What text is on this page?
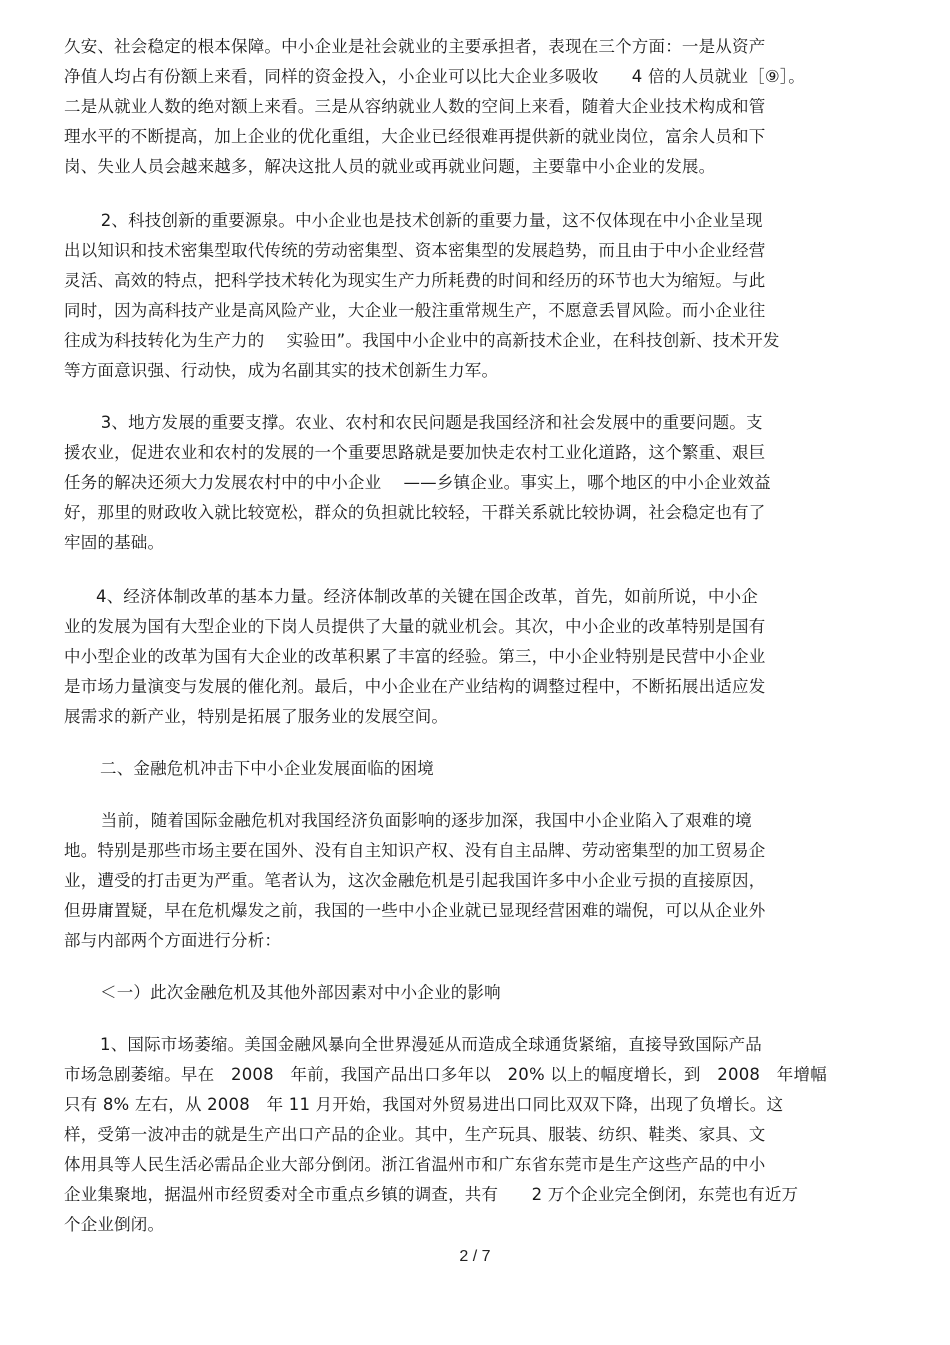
久安、社会稳定的根本保障。中小企业是社会就业的主要承担者，表现在三个方面：一是从资产
净值人均占有份额上来看，同样的资金投入，小企业可以比大企业多吸收　　4 倍的人员就业［⑨］。
二是从就业人数的绝对额上来看。三是从容纳就业人数的空间上来看，随着大企业技术构成和管
理水平的不断提高，加上企业的优化重组，大企业已经很难再提供新的就业岗位，富余人员和下
岗、失业人员会越来越多，解决这批人员的就业或再就业问题，主要靠中小企业的发展。
　2、科技创新的重要源泉。中小企业也是技术创新的重要力量，这不仅体现在中小企业呈现
出以知识和技术密集型取代传统的劳动密集型、资本密集型的发展趋势，而且由于中小企业经营
灵活、高效的特点，把科学技术转化为现实生产力所耗费的时间和经历的环节也大为缩短。与此
同时，因为高科技产业是高风险产业，大企业一般注重常规生产，不愿意丢冒风险。而小企业往
往成为科技转化为生产力的　 实验田”。我国中小企业中的高新技术企业，在科技创新、技术开发
等方面意识强、行动快，成为名副其实的技术创新生力军。
　3、地方发展的重要支撑。农业、农村和农民问题是我国经济和社会发展中的重要问题。支
援农业，促进农业和农村的发展的一个重要思路就是要加快走农村工业化道路，这个繁重、艰巨
任务的解决还须大力发展农村中的中小企业　 ——乡镇企业。事实上，哪个地区的中小企业效益
好，那里的财政收入就比较宽松，群众的负担就比较轻，干群关系就比较协调，社会稳定也有了
牢固的基础。
4、经济体制改革的基本力量。经济体制改革的关键在国企改革，首先，如前所说，中小企
业的发展为国有大型企业的下岗人员提供了大量的就业机会。其次，中小企业的改革特别是国有
中小型企业的改革为国有大企业的改革积累了丰富的经验。第三，中小企业特别是民营中小企业
是市场力量演变与发展的催化剂。最后，中小企业在产业结构的调整过程中，不断拓展出适应发
展需求的新产业，特别是拓展了服务业的发展空间。
二、金融危机冲击下中小企业发展面临的困境
　当前，随着国际金融危机对我国经济负面影响的逐步加深，我国中小企业陷入了艰难的境
地。特别是那些市场主要在国外、没有自主知识产权、没有自主品牌、劳动密集型的加工贸易企
业，遭受的打击更为严重。笔者认为，这次金融危机是引起我国许多中小企业亏损的直接原因，
但毋庸置疑，早在危机爆发之前，我国的一些中小企业就已显现经营困难的端倪，可以从企业外
部与内部两个方面进行分析：
＜一）此次金融危机及其他外部因素对中小企业的影响
1、国际市场萎缩。美国金融风暴向全世界漫延从而造成全球通货紧缩，直接导致国际产品
市场急剧萎缩。早在　2008　年前，我国产品出口多年以　20% 以上的幅度增长，到　2008　年增幅
只有 8% 左右，从 2008　年 11 月开始，我国对外贸易进出口同比双双下降，出现了负增长。这
样，受第一波冲击的就是生产出口产品的企业。其中，生产玩具、服装、纺织、鞋类、家具、文
体用具等人民生活必需品企业大部分倒闭。浙江省温州市和广东省东莞市是生产这些产品的中小
企业集聚地，据温州市经贸委对全市重点乡镇的调查，共有　　2 万个企业完全倒闭，东莞也有近万
个企业倒闭。
2 / 7
